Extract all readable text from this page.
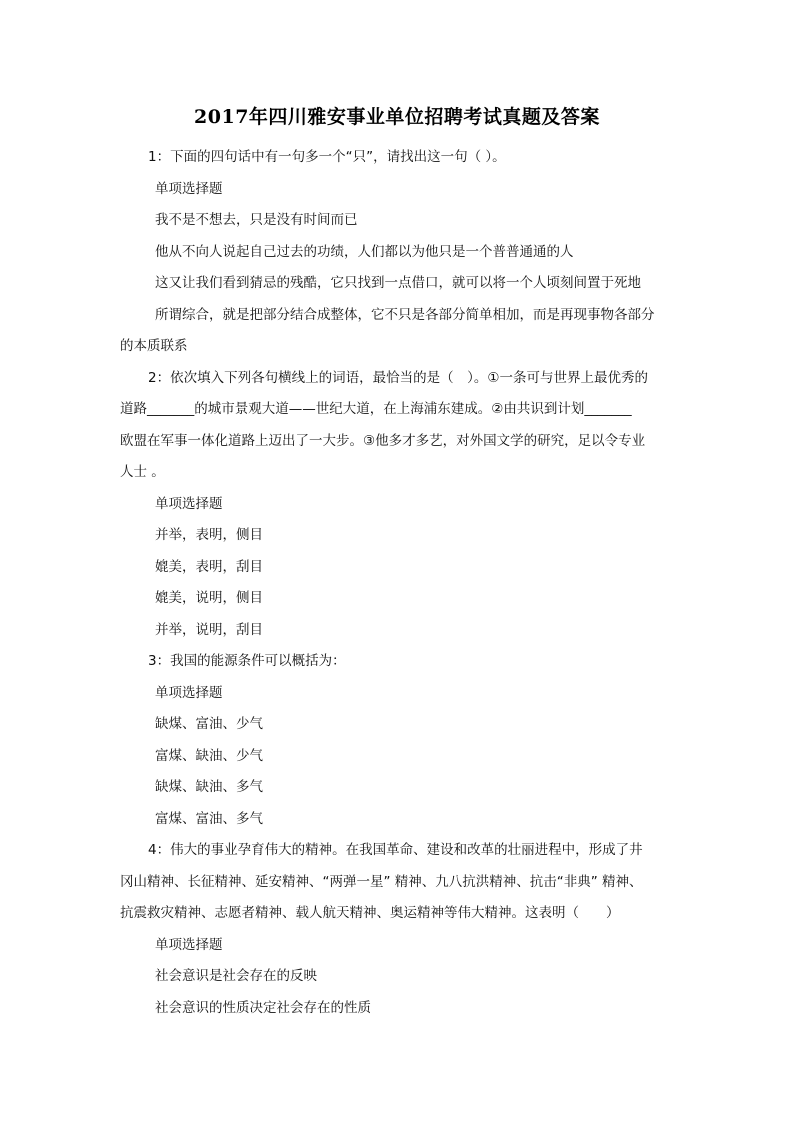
2017年四川雅安事业单位招聘考试真题及答案
1：下面的四句话中有一句多一个“只”，请找出这一句（ ）。
单项选择题
我不是不想去，只是没有时间而已
他从不向人说起自己过去的功绩，人们都以为他只是一个普普通通的人
这又让我们看到猜忌的残酷，它只找到一点借口，就可以将一个人顷刻间置于死地
所谓综合，就是把部分结合成整体，它不只是各部分简单相加，而是再现事物各部分
的本质联系
2：依次填入下列各句横线上的词语，最恰当的是（　）。①一条可与世界上最优秀的
道路_______的城市景观大道——世纪大道，在上海浦东建成。②由共识到计划_______
欧盟在军事一体化道路上迈出了一大步。③他多才多艺，对外国文学的研究，足以令专业
人士 。
单项选择题
并举，表明，侧目
媲美，表明，刮目
媲美，说明，侧目
并举，说明，刮目
3：我国的能源条件可以概括为：
单项选择题
缺煤、富油、少气
富煤、缺油、少气
缺煤、缺油、多气
富煤、富油、多气
4：伟大的事业孕育伟大的精神。在我国革命、建设和改革的壮丽进程中，形成了井
冈山精神、长征精神、延安精神、“两弹一星” 精神、九八抗洪精神、抗击“非典” 精神、
抗震救灾精神、志愿者精神、载人航天精神、奥运精神等伟大精神。这表明（　　）
单项选择题
社会意识是社会存在的反映
社会意识的性质决定社会存在的性质
